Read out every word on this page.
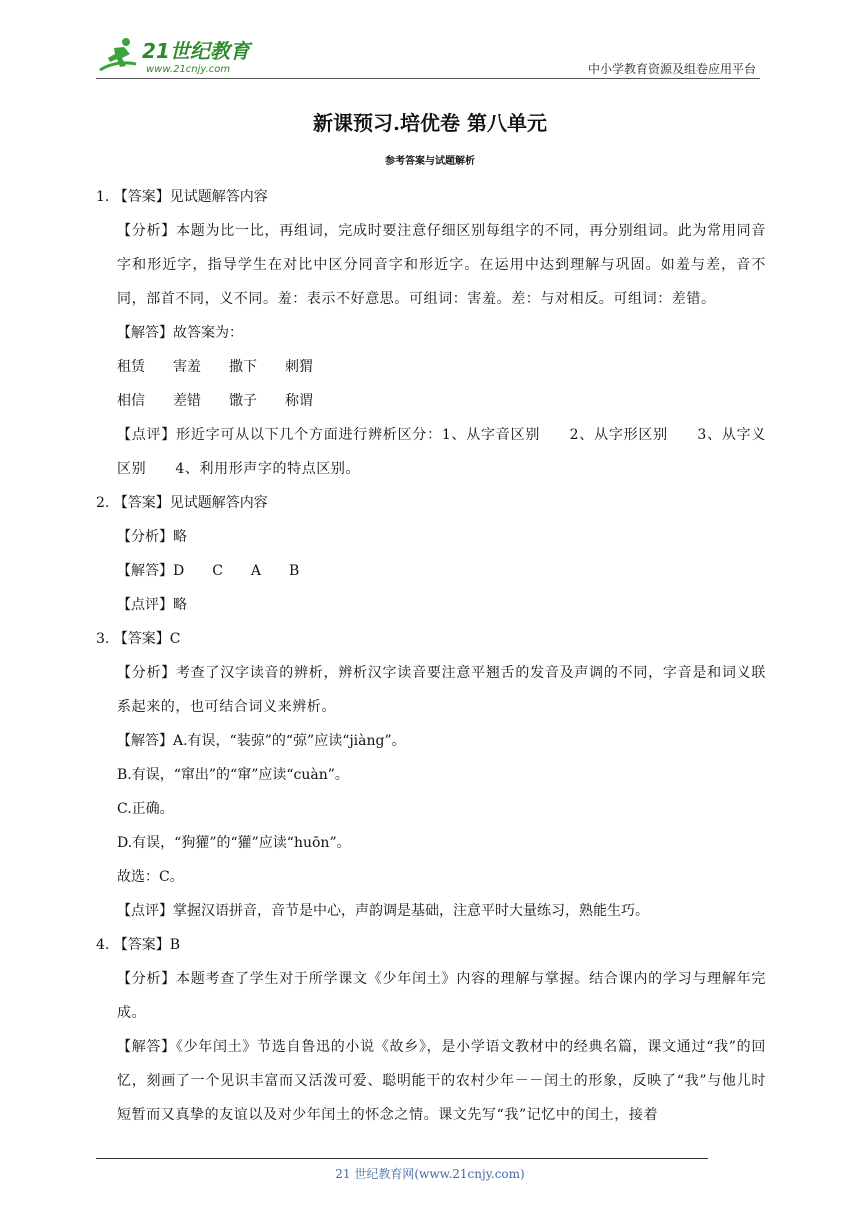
21世纪教育
www.21cnjy.com	中小学教育资源及组卷应用平台
新课预习.培优卷 第八单元
参考答案与试题解析
1. 【答案】见试题解答内容
【分析】本题为比一比，再组词，完成时要注意仔细区别每组字的不同，再分别组词。此为常用同音字和形近字，指导学生在对比中区分同音字和形近字。在运用中达到理解与巩固。如羞与差，音不同，部首不同，义不同。羞：表示不好意思。可组词：害羞。差：与对相反。可组词：差错。
【解答】故答案为：
租赁　　害羞　　撒下　　刺猬
相信　　差错　　馓子　　称谓
【点评】形近字可从以下几个方面进行辨析区分：1、从字音区别　　2、从字形区别　　3、从字义区别　　4、利用形声字的特点区别。
2. 【答案】见试题解答内容
【分析】略
【解答】D　　C　　A　　B
【点评】略
3. 【答案】C
【分析】考查了汉字读音的辨析，辨析汉字读音要注意平翘舌的发音及声调的不同，字音是和词义联系起来的，也可结合词义来辨析。
【解答】A.有误，“装弶”的“弶”应读“jiàng”。
B.有误，“窜出”的“窜”应读“cuàn”。
C.正确。
D.有误，“狗獾”的“獾”应读“huōn”。
故选：C。
【点评】掌握汉语拼音，音节是中心，声韵调是基础，注意平时大量练习，熟能生巧。
4. 【答案】B
【分析】本题考查了学生对于所学课文《少年闰土》内容的理解与掌握。结合课内的学习与理解年完成。
【解答】《少年闰土》节选自鲁迅的小说《故乡》，是小学语文教材中的经典名篇，课文通过“我”的回忆，刻画了一个见识丰富而又活泼可爱、聪明能干的农村少年－－闰土的形象，反映了“我”与他儿时短暂而又真挚的友谊以及对少年闰土的怀念之情。课文先写“我”记忆中的闰土，接着
21 世纪教育网(www.21cnjy.com)
